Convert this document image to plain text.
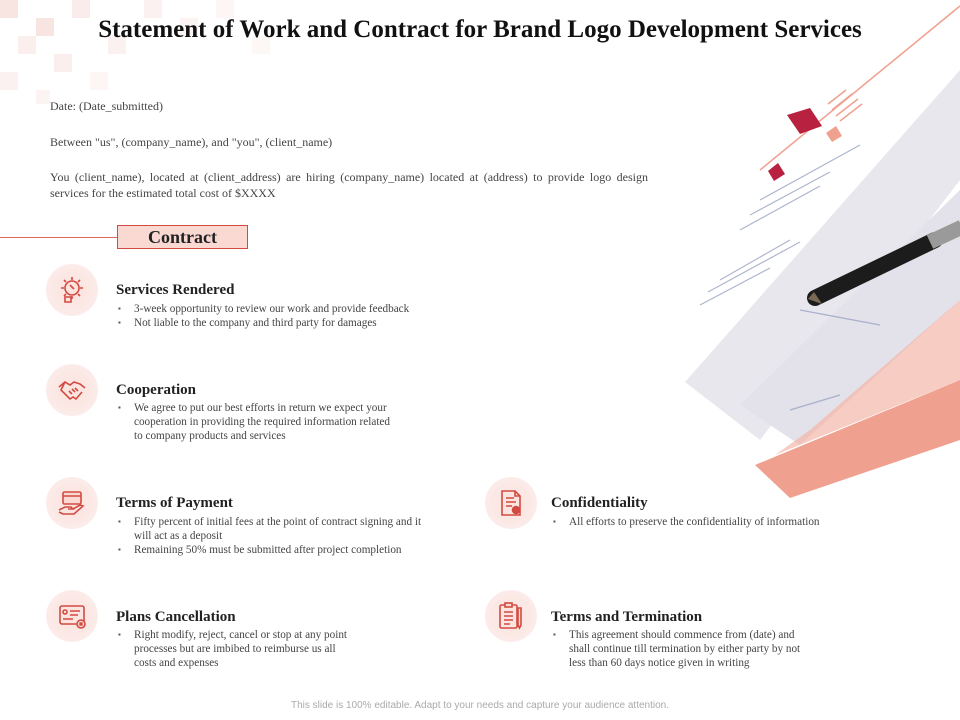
Statement of Work and Contract for Brand Logo Development Services

Date: (Date_submitted)

Between "us", (company_name), and "you", (client_name)

You (client_name), located at (client_address) are hiring (company_name) located at (address) to provide logo design services for the estimated total cost of $XXXX

Contract
Services Rendered
▪ 3-week opportunity to review our work and provide feedback
▪ Not liable to the company and third party for damages
Cooperation
▪ We agree to put our best efforts in return we expect your
cooperation in providing the required information related
to company products and services
Terms of Payment
▪ Fifty percent of initial fees at the point of contract signing and it
will act as a deposit
▪ Remaining 50% must be submitted after project completion
Plans Cancellation
▪ Right modify, reject, cancel or stop at any point
processes but are imbibed to reimburse us all
costs and expenses
Confidentiality
▪ All efforts to preserve the confidentiality of information
Terms and Termination
▪ This agreement should commence from (date) and
shall continue till termination by either party by not
less than 60 days notice given in writing
This slide is 100% editable. Adapt to your needs and capture your audience attention.
